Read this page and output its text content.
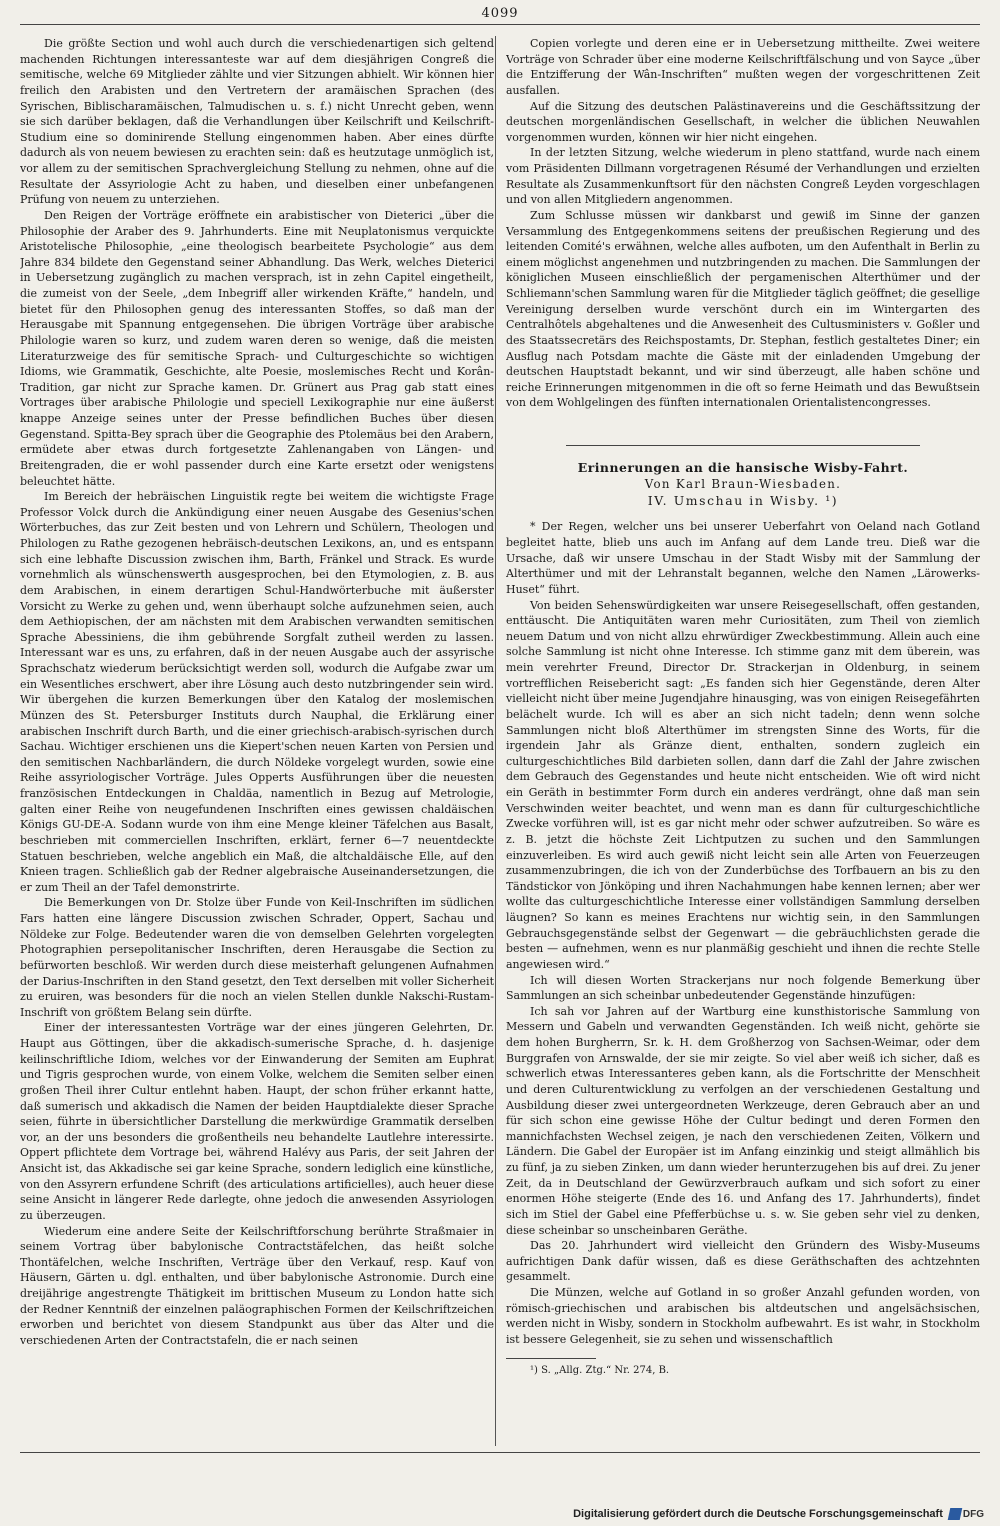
4099

Die größte Section und wohl auch durch die verschiedenartigen sich geltend machenden Richtungen interessanteste war auf dem diesjährigen Congreß die semitische, welche 69 Mitglieder zählte und vier Sitzungen abhielt. Wir können hier freilich den Arabisten und den Vertretern der aramäischen Sprachen (des Syrischen, Biblischaramäischen, Talmudischen u. s. f.) nicht Unrecht geben, wenn sie sich darüber beklagen, daß die Verhandlungen über Keilschrift und Keilschrift-Studium eine so dominirende Stellung eingenommen haben. Aber eines dürfte dadurch als von neuem bewiesen zu erachten sein: daß es heutzutage unmöglich ist, vor allem zu der semitischen Sprachvergleichung Stellung zu nehmen, ohne auf die Resultate der Assyriologie Acht zu haben, und dieselben einer unbefangenen Prüfung von neuem zu unterziehen.

Den Reigen der Vorträge eröffnete ein arabistischer von Dieterici „über die Philosophie der Araber des 9. Jahrhunderts. Eine mit Neuplatonismus verquickte Aristotelische Philosophie, „eine theologisch bearbeitete Psychologie“ aus dem Jahre 834 bildete den Gegenstand seiner Abhandlung. Das Werk, welches Dieterici in Uebersetzung zugänglich zu machen versprach, ist in zehn Capitel eingetheilt, die zumeist von der Seele, „dem Inbegriff aller wirkenden Kräfte,“ handeln, und bietet für den Philosophen genug des interessanten Stoffes, so daß man der Herausgabe mit Spannung entgegensehen. Die übrigen Vorträge über arabische Philologie waren so kurz, und zudem waren deren so wenige, daß die meisten Literaturzweige des für semitische Sprach- und Culturgeschichte so wichtigen Idioms, wie Grammatik, Geschichte, alte Poesie, moslemisches Recht und Korân-Tradition, gar nicht zur Sprache kamen. Dr. Grünert aus Prag gab statt eines Vortrages über arabische Philologie und speciell Lexikographie nur eine äußerst knappe Anzeige seines unter der Presse befindlichen Buches über diesen Gegenstand. Spitta-Bey sprach über die Geographie des Ptolemäus bei den Arabern, ermüdete aber etwas durch fortgesetzte Zahlenangaben von Längen- und Breitengraden, die er wohl passender durch eine Karte ersetzt oder wenigstens beleuchtet hätte.

Im Bereich der hebräischen Linguistik regte bei weitem die wichtigste Frage Professor Volck durch die Ankündigung einer neuen Ausgabe des Gesenius'schen Wörterbuches, das zur Zeit besten und von Lehrern und Schülern, Theologen und Philologen zu Rathe gezogenen hebräisch-deutschen Lexikons, an, und es entspann sich eine lebhafte Discussion zwischen ihm, Barth, Fränkel und Strack. Es wurde vornehmlich als wünschenswerth ausgesprochen, bei den Etymologien, z. B. aus dem Arabischen, in einem derartigen Schul-Handwörterbuche mit äußerster Vorsicht zu Werke zu gehen und, wenn überhaupt solche aufzunehmen seien, auch dem Aethiopischen, der am nächsten mit dem Arabischen verwandten semitischen Sprache Abessiniens, die ihm gebührende Sorgfalt zutheil werden zu lassen. Interessant war es uns, zu erfahren, daß in der neuen Ausgabe auch der assyrische Sprachschatz wiederum berücksichtigt werden soll, wodurch die Aufgabe zwar um ein Wesentliches erschwert, aber ihre Lösung auch desto nutzbringender sein wird. Wir übergehen die kurzen Bemerkungen über den Katalog der moslemischen Münzen des St. Petersburger Instituts durch Nauphal, die Erklärung einer arabischen Inschrift durch Barth, und die einer griechisch-arabisch-syrischen durch Sachau. Wichtiger erschienen uns die Kiepert'schen neuen Karten von Persien und den semitischen Nachbarländern, die durch Nöldeke vorgelegt wurden, sowie eine Reihe assyriologischer Vorträge. Jules Opperts Ausführungen über die neuesten französischen Entdeckungen in Chaldäa, namentlich in Bezug auf Metrologie, galten einer Reihe von neugefundenen Inschriften eines gewissen chaldäischen Königs GU-DE-A. Sodann wurde von ihm eine Menge kleiner Täfelchen aus Basalt, beschrieben mit commerciellen Inschriften, erklärt, ferner 6—7 neuentdeckte Statuen beschrieben, welche angeblich ein Maß, die altchaldäische Elle, auf den Knieen tragen. Schließlich gab der Redner algebraische Auseinandersetzungen, die er zum Theil an der Tafel demonstrirte.

Die Bemerkungen von Dr. Stolze über Funde von Keil-Inschriften im südlichen Fars hatten eine längere Discussion zwischen Schrader, Oppert, Sachau und Nöldeke zur Folge. Bedeutender waren die von demselben Gelehrten vorgelegten Photographien persepolitanischer Inschriften, deren Herausgabe die Section zu befürworten beschloß. Wir werden durch diese meisterhaft gelungenen Aufnahmen der Darius-Inschriften in den Stand gesetzt, den Text derselben mit voller Sicherheit zu eruiren, was besonders für die noch an vielen Stellen dunkle Nakschi-Rustam-Inschrift von größtem Belang sein dürfte.

Einer der interessantesten Vorträge war der eines jüngeren Gelehrten, Dr. Haupt aus Göttingen, über die akkadisch-sumerische Sprache, d. h. dasjenige keilinschriftliche Idiom, welches vor der Einwanderung der Semiten am Euphrat und Tigris gesprochen wurde, von einem Volke, welchem die Semiten selber einen großen Theil ihrer Cultur entlehnt haben. Haupt, der schon früher erkannt hatte, daß sumerisch und akkadisch die Namen der beiden Hauptdialekte dieser Sprache seien, führte in übersichtlicher Darstellung die merkwürdige Grammatik derselben vor, an der uns besonders die großentheils neu behandelte Lautlehre interessirte. Oppert pflichtete dem Vortrage bei, während Halévy aus Paris, der seit Jahren der Ansicht ist, das Akkadische sei gar keine Sprache, sondern lediglich eine künstliche, von den Assyrern erfundene Schrift (des articulations artificielles), auch heuer diese seine Ansicht in längerer Rede darlegte, ohne jedoch die anwesenden Assyriologen zu überzeugen.

Wiederum eine andere Seite der Keilschriftforschung berührte Straßmaier in seinem Vortrag über babylonische Contractstäfelchen, das heißt solche Thontäfelchen, welche Inschriften, Verträge über den Verkauf, resp. Kauf von Häusern, Gärten u. dgl. enthalten, und über babylonische Astronomie. Durch eine dreijährige angestrengte Thätigkeit im brittischen Museum zu London hatte sich der Redner Kenntniß der einzelnen paläographischen Formen der Keilschriftzeichen erworben und berichtet von diesem Standpunkt aus über das Alter und die verschiedenen Arten der Contractstafeln, die er nach seinen

Copien vorlegte und deren eine er in Uebersetzung mittheilte. Zwei weitere Vorträge von Schrader über eine moderne Keilschriftfälschung und von Sayce „über die Entzifferung der Wân-Inschriften“ mußten wegen der vorgeschrittenen Zeit ausfallen.

Auf die Sitzung des deutschen Palästinavereins und die Geschäftssitzung der deutschen morgenländischen Gesellschaft, in welcher die üblichen Neuwahlen vorgenommen wurden, können wir hier nicht eingehen.

In der letzten Sitzung, welche wiederum in pleno stattfand, wurde nach einem vom Präsidenten Dillmann vorgetragenen Résumé der Verhandlungen und erzielten Resultate als Zusammenkunftsort für den nächsten Congreß Leyden vorgeschlagen und von allen Mitgliedern angenommen.

Zum Schlusse müssen wir dankbarst und gewiß im Sinne der ganzen Versammlung des Entgegenkommens seitens der preußischen Regierung und des leitenden Comité's erwähnen, welche alles aufboten, um den Aufenthalt in Berlin zu einem möglichst angenehmen und nutzbringenden zu machen. Die Sammlungen der königlichen Museen einschließlich der pergamenischen Alterthümer und der Schliemann'schen Sammlung waren für die Mitglieder täglich geöffnet; die gesellige Vereinigung derselben wurde verschönt durch ein im Wintergarten des Centralhôtels abgehaltenes und die Anwesenheit des Cultusministers v. Goßler und des Staatssecretärs des Reichspostamts, Dr. Stephan, festlich gestaltetes Diner; ein Ausflug nach Potsdam machte die Gäste mit der einladenden Umgebung der deutschen Hauptstadt bekannt, und wir sind überzeugt, alle haben schöne und reiche Erinnerungen mitgenommen in die oft so ferne Heimath und das Bewußtsein von dem Wohlgelingen des fünften internationalen Orientalistencongresses.

Erinnerungen an die hansische Wisby-Fahrt.
Von Karl Braun-Wiesbaden.
IV. Umschau in Wisby. ¹)

* Der Regen, welcher uns bei unserer Ueberfahrt von Oeland nach Gotland begleitet hatte, blieb uns auch im Anfang auf dem Lande treu. Dieß war die Ursache, daß wir unsere Umschau in der Stadt Wisby mit der Sammlung der Alterthümer und mit der Lehranstalt begannen, welche den Namen „Lärowerks-Huset“ führt.

Von beiden Sehenswürdigkeiten war unsere Reisegesellschaft, offen gestanden, enttäuscht. Die Antiquitäten waren mehr Curiositäten, zum Theil von ziemlich neuem Datum und von nicht allzu ehrwürdiger Zweckbestimmung. Allein auch eine solche Sammlung ist nicht ohne Interesse. Ich stimme ganz mit dem überein, was mein verehrter Freund, Director Dr. Strackerjan in Oldenburg, in seinem vortrefflichen Reisebericht sagt: „Es fanden sich hier Gegenstände, deren Alter vielleicht nicht über meine Jugendjahre hinausging, was von einigen Reisegefährten belächelt wurde. Ich will es aber an sich nicht tadeln; denn wenn solche Sammlungen nicht bloß Alterthümer im strengsten Sinne des Worts, für die irgendein Jahr als Gränze dient, enthalten, sondern zugleich ein culturgeschichtliches Bild darbieten sollen, dann darf die Zahl der Jahre zwischen dem Gebrauch des Gegenstandes und heute nicht entscheiden. Wie oft wird nicht ein Geräth in bestimmter Form durch ein anderes verdrängt, ohne daß man sein Verschwinden weiter beachtet, und wenn man es dann für culturgeschichtliche Zwecke vorführen will, ist es gar nicht mehr oder schwer aufzutreiben. So wäre es z. B. jetzt die höchste Zeit Lichtputzen zu suchen und den Sammlungen einzuverleiben. Es wird auch gewiß nicht leicht sein alle Arten von Feuerzeugen zusammenzubringen, die ich von der Zunderbüchse des Torfbauern an bis zu den Tändstickor von Jönköping und ihren Nachahmungen habe kennen lernen; aber wer wollte das culturgeschichtliche Interesse einer vollständigen Sammlung derselben läugnen? So kann es meines Erachtens nur wichtig sein, in den Sammlungen Gebrauchsgegenstände selbst der Gegenwart — die gebräuchlichsten gerade die besten — aufnehmen, wenn es nur planmäßig geschieht und ihnen die rechte Stelle angewiesen wird.“

Ich will diesen Worten Strackerjans nur noch folgende Bemerkung über Sammlungen an sich scheinbar unbedeutender Gegenstände hinzufügen:

Ich sah vor Jahren auf der Wartburg eine kunsthistorische Sammlung von Messern und Gabeln und verwandten Gegenständen. Ich weiß nicht, gehörte sie dem hohen Burgherrn, Sr. k. H. dem Großherzog von Sachsen-Weimar, oder dem Burggrafen von Arnswalde, der sie mir zeigte. So viel aber weiß ich sicher, daß es schwerlich etwas Interessanteres geben kann, als die Fortschritte der Menschheit und deren Culturentwicklung zu verfolgen an der verschiedenen Gestaltung und Ausbildung dieser zwei untergeordneten Werkzeuge, deren Gebrauch aber an und für sich schon eine gewisse Höhe der Cultur bedingt und deren Formen den mannichfachsten Wechsel zeigen, je nach den verschiedenen Zeiten, Völkern und Ländern. Die Gabel der Europäer ist im Anfang einzinkig und steigt allmählich bis zu fünf, ja zu sieben Zinken, um dann wieder herunterzugehen bis auf drei. Zu jener Zeit, da in Deutschland der Gewürzverbrauch aufkam und sich sofort zu einer enormen Höhe steigerte (Ende des 16. und Anfang des 17. Jahrhunderts), findet sich im Stiel der Gabel eine Pfefferbüchse u. s. w. Sie geben sehr viel zu denken, diese scheinbar so unscheinbaren Geräthe.

Das 20. Jahrhundert wird vielleicht den Gründern des Wisby-Museums aufrichtigen Dank dafür wissen, daß es diese Geräthschaften des achtzehnten gesammelt.

Die Münzen, welche auf Gotland in so großer Anzahl gefunden worden, von römisch-griechischen und arabischen bis altdeutschen und angelsächsischen, werden nicht in Wisby, sondern in Stockholm aufbewahrt. Es ist wahr, in Stockholm ist bessere Gelegenheit, sie zu sehen und wissenschaftlich

¹) S. „Allg. Ztg.“ Nr. 274, B.

Digitalisierung gefördert durch die Deutsche Forschungsgemeinschaft DFG
